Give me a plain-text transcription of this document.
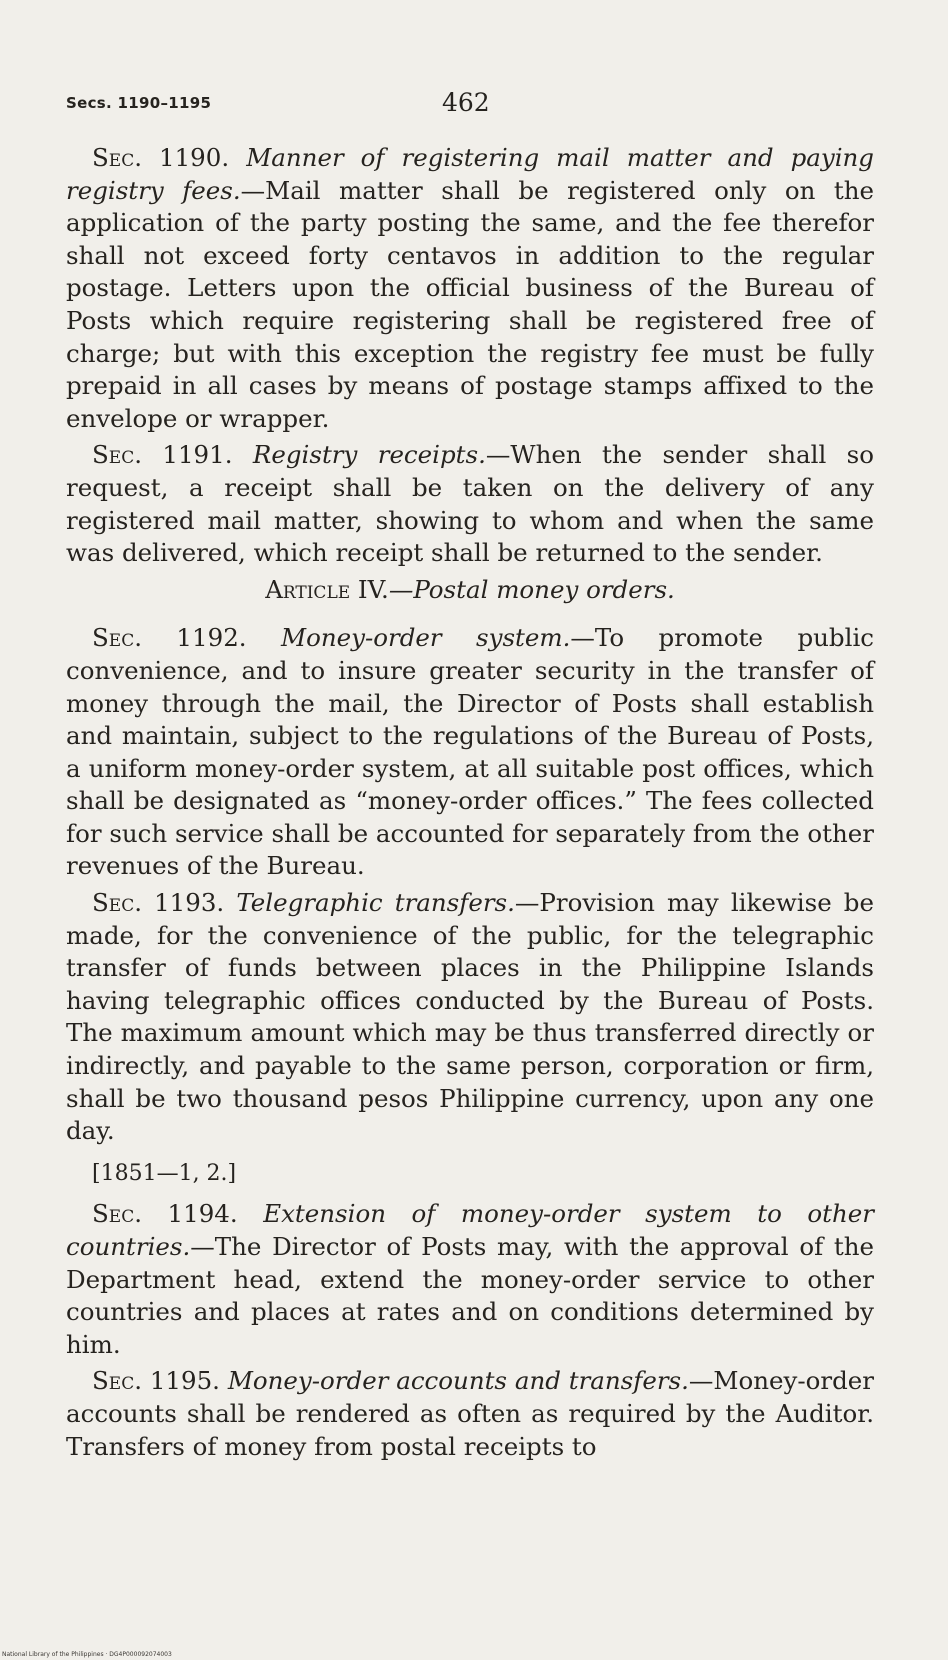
Secs. 1190–1195	462

Sec. 1190. Manner of registering mail matter and paying registry fees.—Mail matter shall be registered only on the application of the party posting the same, and the fee therefor shall not exceed forty centavos in addition to the regular postage. Letters upon the official business of the Bureau of Posts which require registering shall be registered free of charge; but with this exception the registry fee must be fully prepaid in all cases by means of postage stamps affixed to the envelope or wrapper.

Sec. 1191. Registry receipts.—When the sender shall so request, a receipt shall be taken on the delivery of any registered mail matter, showing to whom and when the same was delivered, which receipt shall be returned to the sender.

Article IV.—Postal money orders.

Sec. 1192. Money-order system.—To promote public convenience, and to insure greater security in the transfer of money through the mail, the Director of Posts shall establish and maintain, subject to the regulations of the Bureau of Posts, a uniform money-order system, at all suitable post offices, which shall be designated as “money-order offices.” The fees collected for such service shall be accounted for separately from the other revenues of the Bureau.

Sec. 1193. Telegraphic transfers.—Provision may likewise be made, for the convenience of the public, for the telegraphic transfer of funds between places in the Philippine Islands having telegraphic offices conducted by the Bureau of Posts. The maximum amount which may be thus transferred directly or indirectly, and payable to the same person, corporation or firm, shall be two thousand pesos Philippine currency, upon any one day.

[1851—1, 2.]

Sec. 1194. Extension of money-order system to other countries.—The Director of Posts may, with the approval of the Department head, extend the money-order service to other countries and places at rates and on conditions determined by him.

Sec. 1195. Money-order accounts and transfers.—Money-order accounts shall be rendered as often as required by the Auditor. Transfers of money from postal receipts to

National Library of the Philippines · DG4P000092074003
